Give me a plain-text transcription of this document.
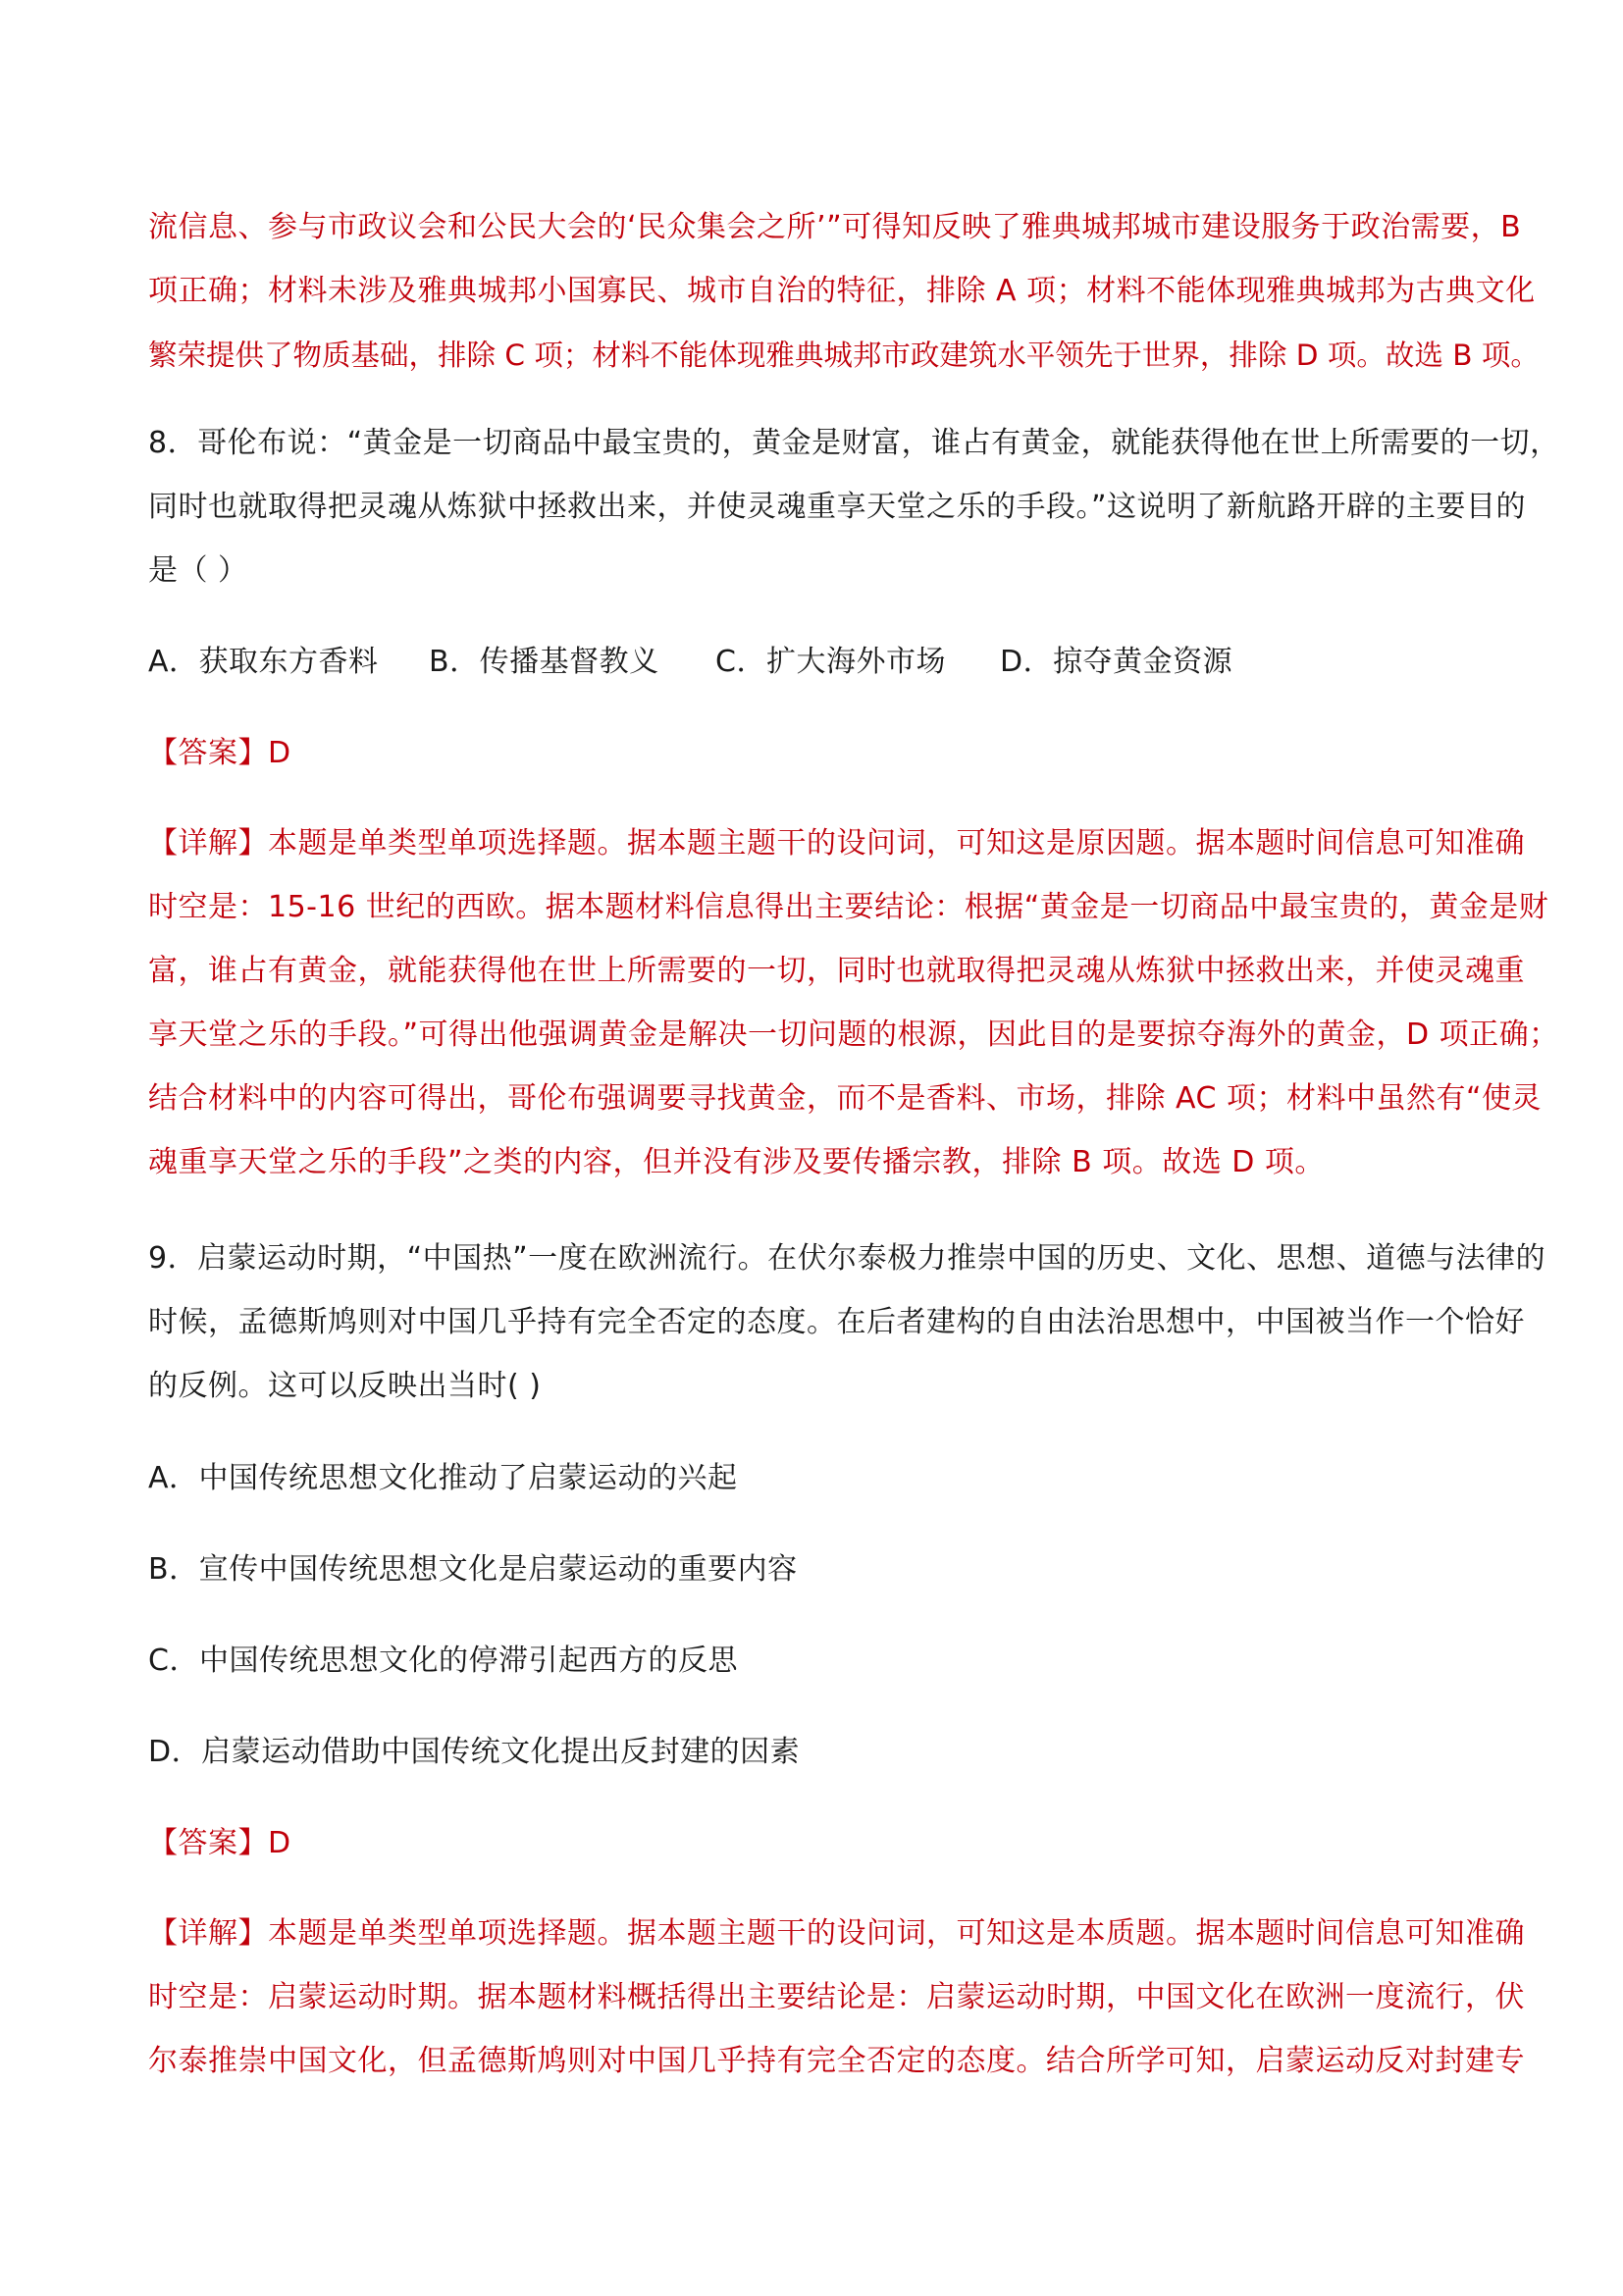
流信息、参与市政议会和公民大会的‘民众集会之所’”可得知反映了雅典城邦城市建设服务于政治需要，B
项正确；材料未涉及雅典城邦小国寡民、城市自治的特征，排除 A 项；材料不能体现雅典城邦为古典文化
繁荣提供了物质基础，排除 C 项；材料不能体现雅典城邦市政建筑水平领先于世界，排除 D 项。故选 B 项。
8．哥伦布说：“黄金是一切商品中最宝贵的，黄金是财富，谁占有黄金，就能获得他在世上所需要的一切，
同时也就取得把灵魂从炼狱中拯救出来，并使灵魂重享天堂之乐的手段。”这说明了新航路开辟的主要目的
是（ ）
A．获取东方香料 B．传播基督教义 C．扩大海外市场 D．掠夺黄金资源
【答案】D
【详解】本题是单类型单项选择题。据本题主题干的设问词，可知这是原因题。据本题时间信息可知准确
时空是：15-16 世纪的西欧。据本题材料信息得出主要结论：根据“黄金是一切商品中最宝贵的，黄金是财
富，谁占有黄金，就能获得他在世上所需要的一切，同时也就取得把灵魂从炼狱中拯救出来，并使灵魂重
享天堂之乐的手段。”可得出他强调黄金是解决一切问题的根源，因此目的是要掠夺海外的黄金，D 项正确；
结合材料中的内容可得出，哥伦布强调要寻找黄金，而不是香料、市场，排除 AC 项；材料中虽然有“使灵
魂重享天堂之乐的手段”之类的内容，但并没有涉及要传播宗教，排除 B 项。故选 D 项。
9．启蒙运动时期，“中国热”一度在欧洲流行。在伏尔泰极力推崇中国的历史、文化、思想、道德与法律的
时候，孟德斯鸠则对中国几乎持有完全否定的态度。在后者建构的自由法治思想中，中国被当作一个恰好
的反例。这可以反映出当时( )
A．中国传统思想文化推动了启蒙运动的兴起
B．宣传中国传统思想文化是启蒙运动的重要内容
C．中国传统思想文化的停滞引起西方的反思
D．启蒙运动借助中国传统文化提出反封建的因素
【答案】D
【详解】本题是单类型单项选择题。据本题主题干的设问词，可知这是本质题。据本题时间信息可知准确
时空是：启蒙运动时期。据本题材料概括得出主要结论是：启蒙运动时期，中国文化在欧洲一度流行，伏
尔泰推崇中国文化，但孟德斯鸠则对中国几乎持有完全否定的态度。结合所学可知，启蒙运动反对封建专
